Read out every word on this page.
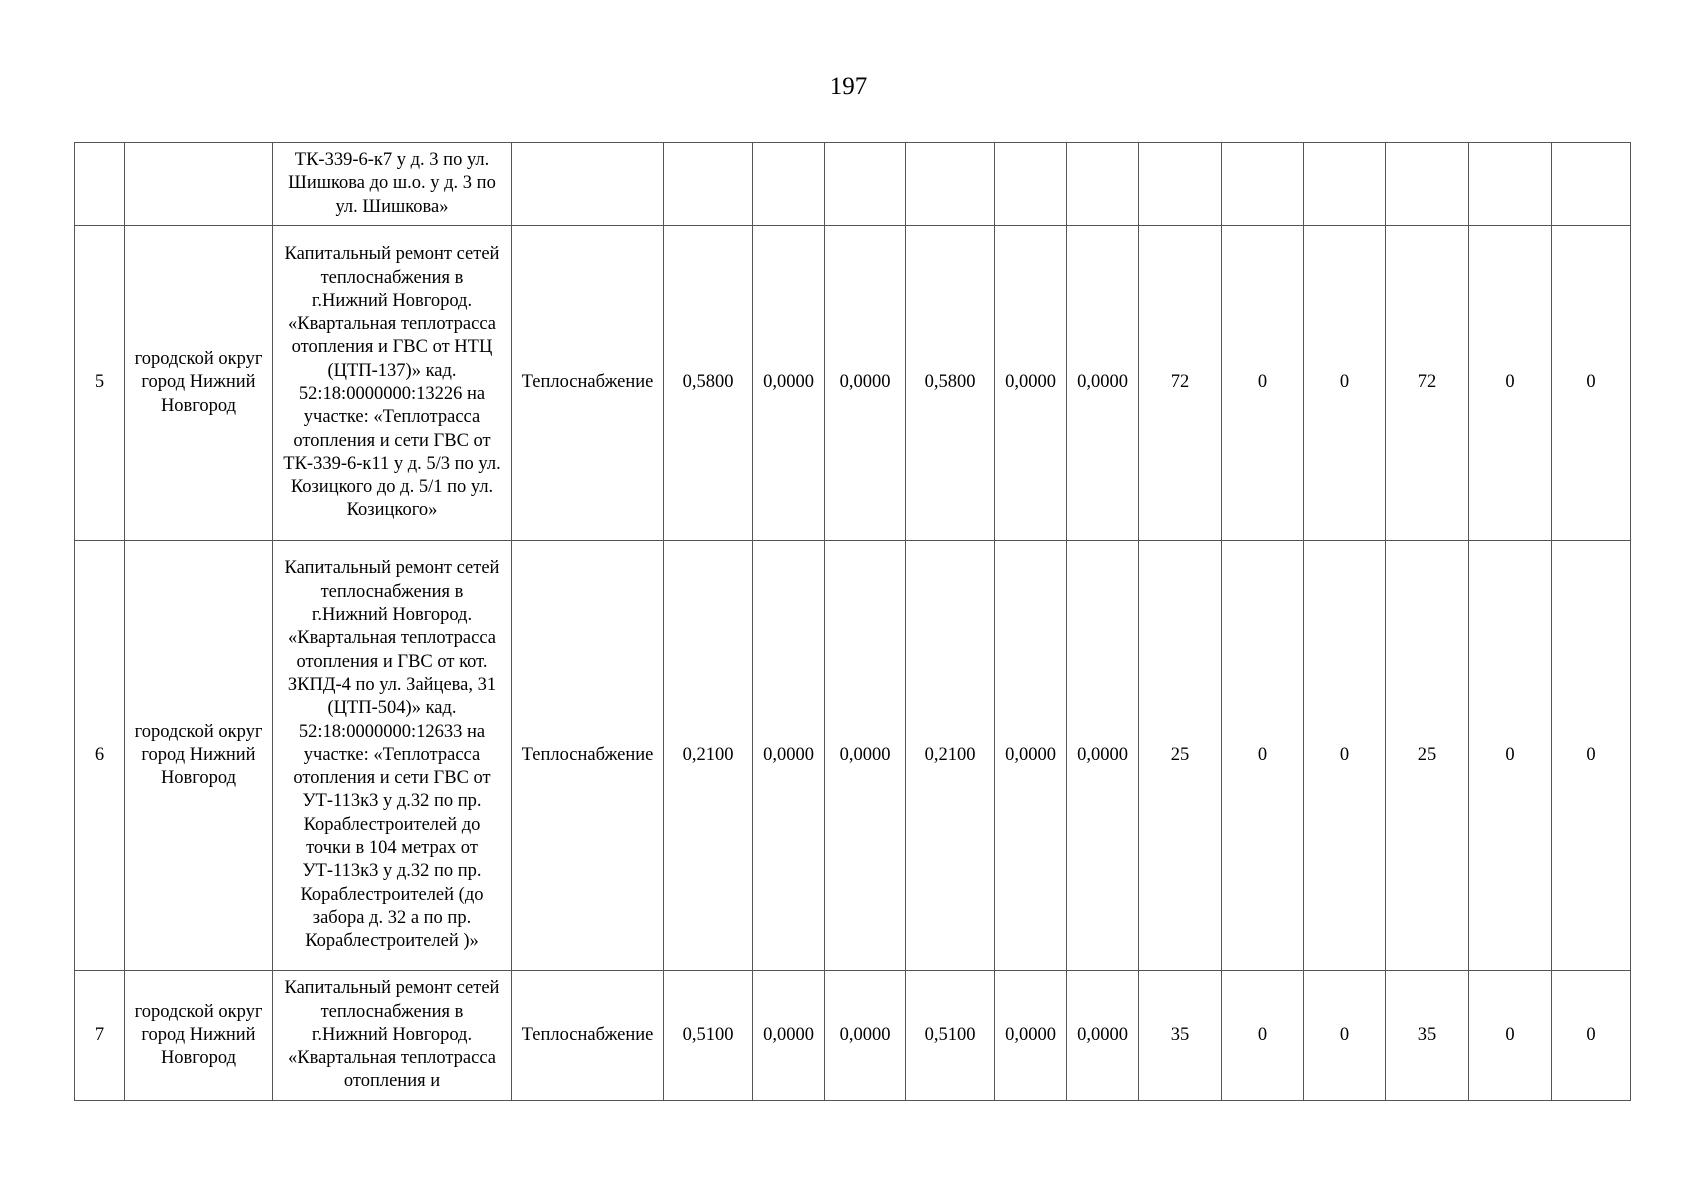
197
		ТК-339-6-к7 у д. 3 по ул. Шишкова до ш.о. у д. 3 по ул. Шишкова»													
5	городской округ город Нижний Новгород	Капитальный ремонт сетей теплоснабжения в г.Нижний Новгород. «Квартальная теплотрасса отопления и ГВС от НТЦ (ЦТП-137)» кад. 52:18:0000000:13226 на участке: «Теплотрасса отопления и сети ГВС от ТК-339-6-к11 у д. 5/3 по ул. Козицкого до д. 5/1 по ул. Козицкого»	Теплоснабжение	0,5800	0,0000	0,0000	0,5800	0,0000	0,0000	72	0	0	72	0	0
6	городской округ город Нижний Новгород	Капитальный ремонт сетей теплоснабжения в г.Нижний Новгород. «Квартальная теплотрасса отопления и ГВС от кот. ЗКПД-4 по ул. Зайцева, 31 (ЦТП-504)» кад. 52:18:0000000:12633 на участке: «Теплотрасса отопления и сети ГВС от УТ-113к3 у д.32 по пр. Кораблестроителей до точки в 104 метрах от УТ-113к3 у д.32 по пр. Кораблестроителей (до забора д. 32 а по пр. Кораблестроителей )»	Теплоснабжение	0,2100	0,0000	0,0000	0,2100	0,0000	0,0000	25	0	0	25	0	0
7	городской округ город Нижний Новгород	Капитальный ремонт сетей теплоснабжения в г.Нижний Новгород. «Квартальная теплотрасса отопления и	Теплоснабжение	0,5100	0,0000	0,0000	0,5100	0,0000	0,0000	35	0	0	35	0	0
